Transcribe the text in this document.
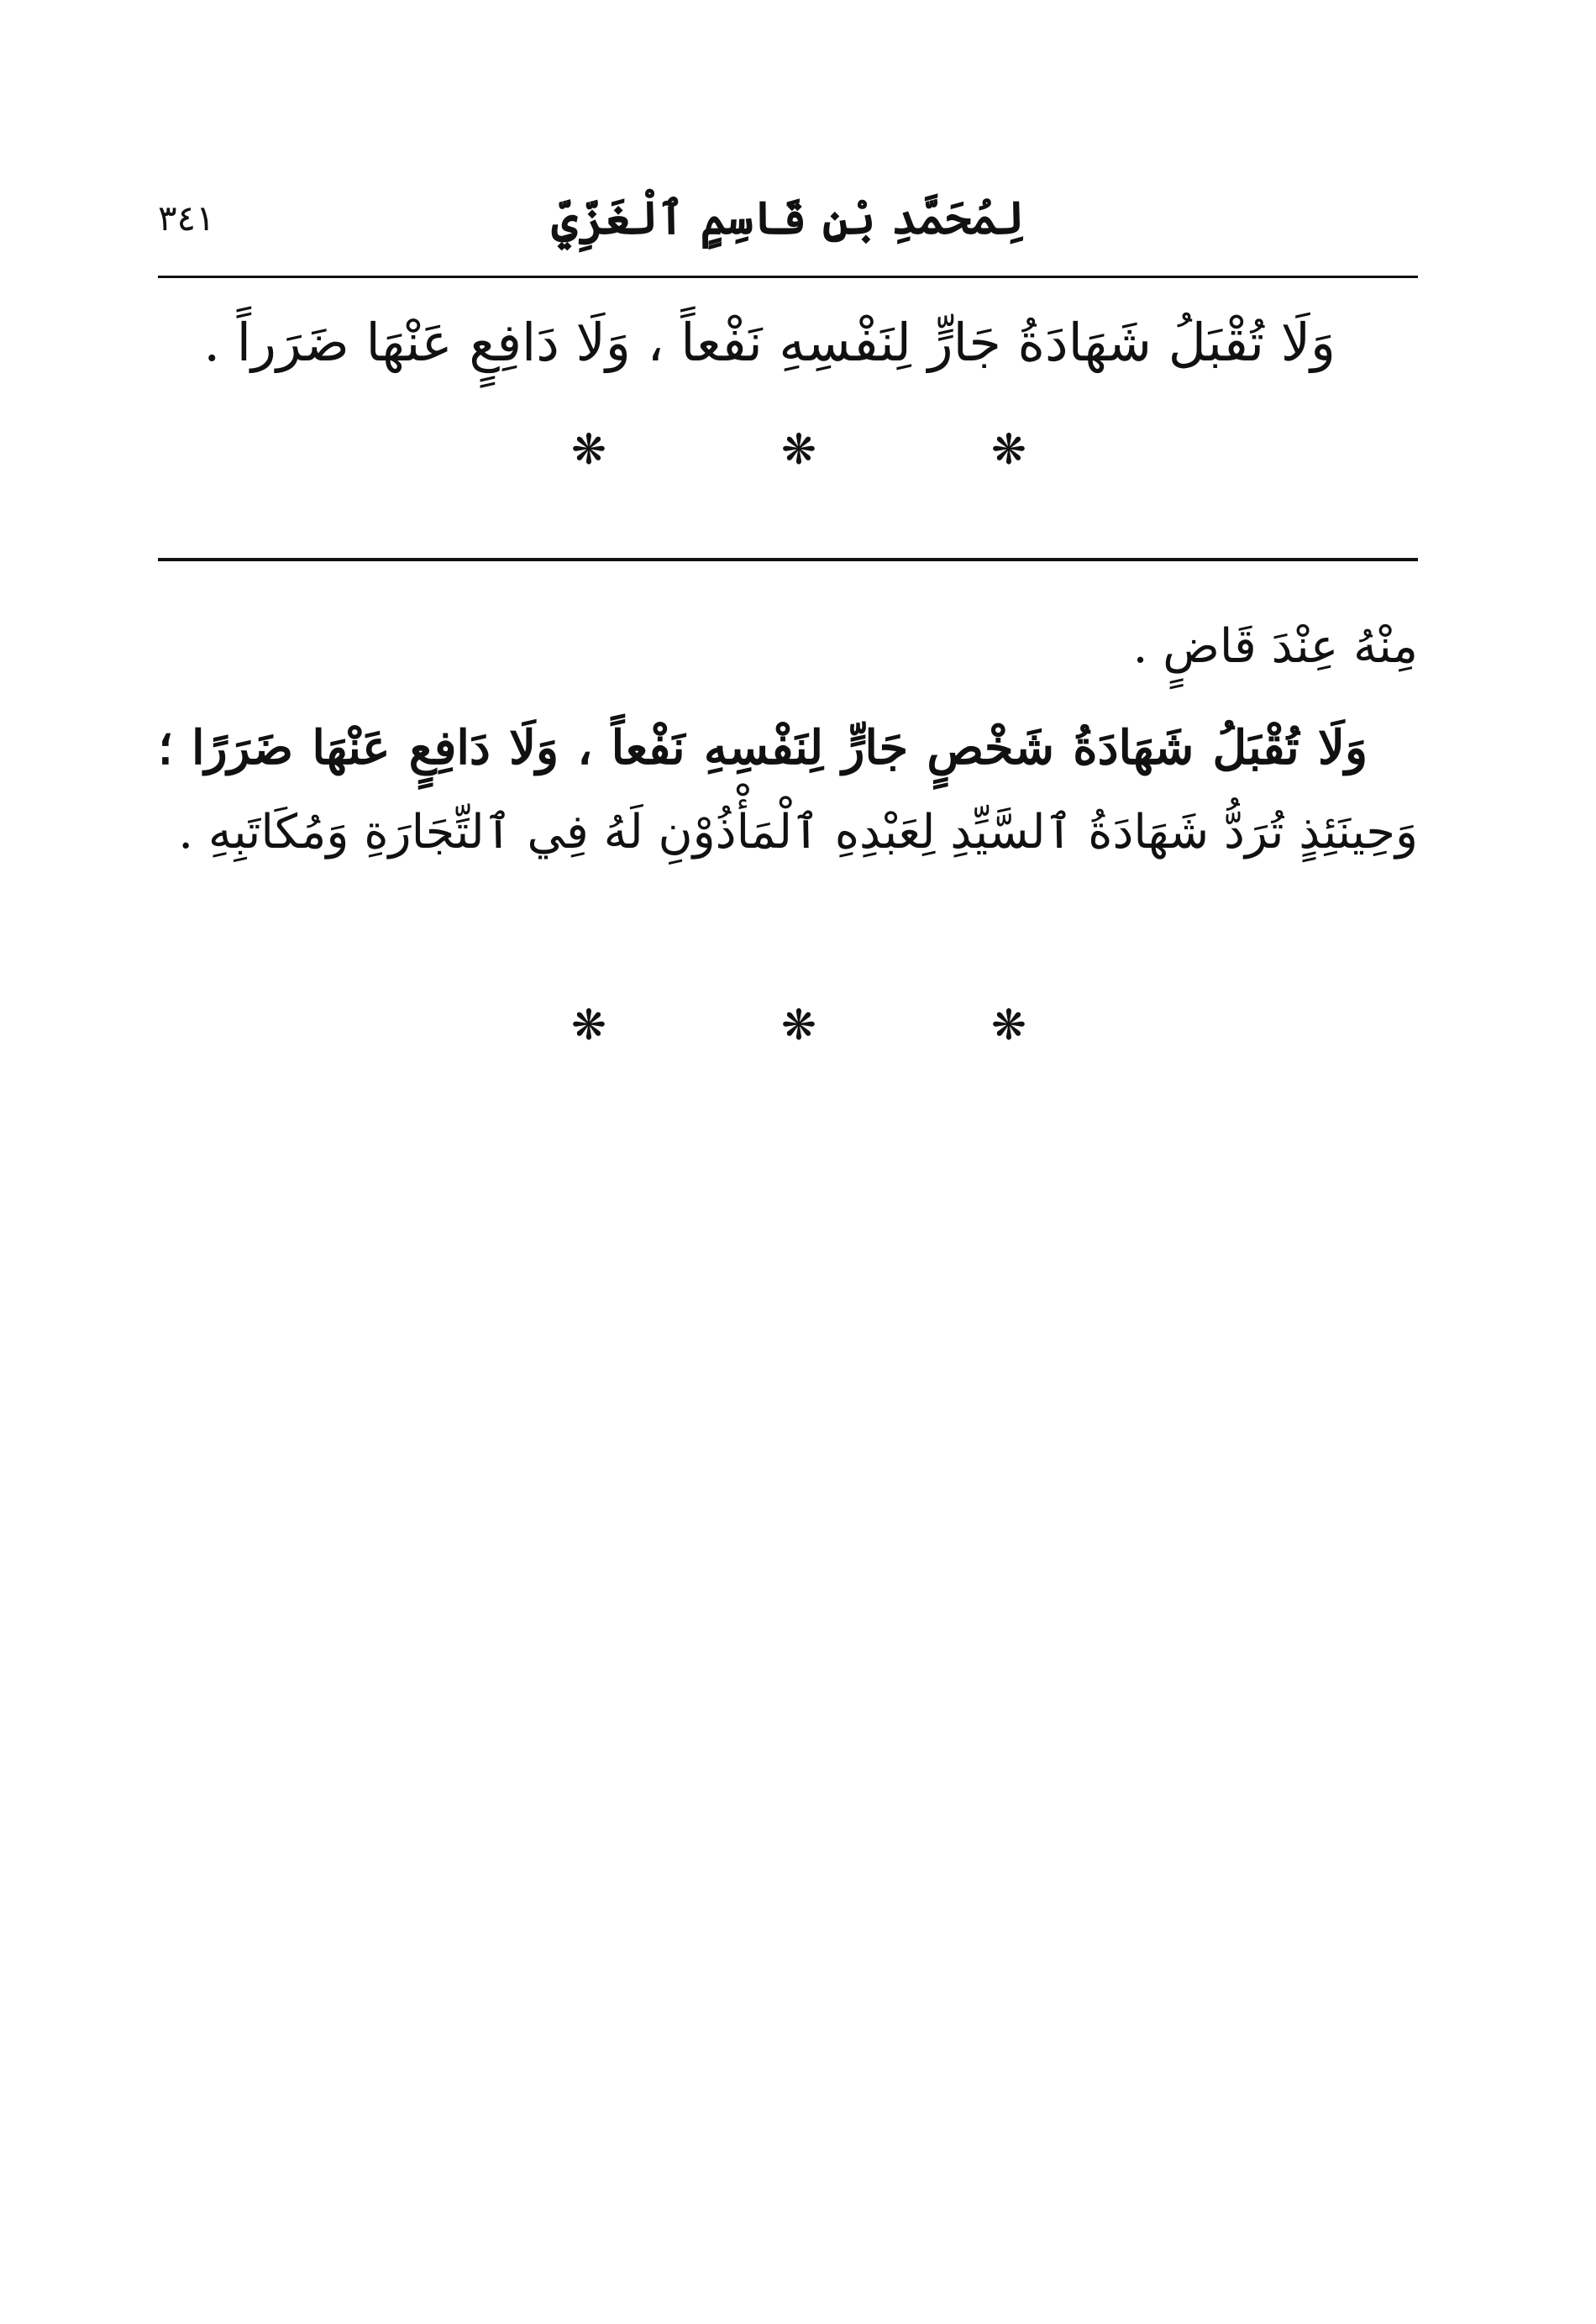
٣٤١	لِمُحَمَّدِ بْنِ قَاسِمٍ ٱلْغَزِّيِّ
وَلَا تُقْبَلُ شَهَادَةُ جَارٍّ لِنَفْسِهِ نَفْعاً ، وَلَا دَافِعٍ عَنْهَا ضَرَراً .
❋	❋	❋

مِنْهُ عِنْدَ قَاضٍ .

وَلَا تُقْبَلُ شَهَادَةُ شَخْصٍ جَارٍّ لِنَفْسِهِ نَفْعاً ، وَلَا دَافِعٍ عَنْهَا ضَرَرًا ؛ وَحِينَئِذٍ تُرَدُّ شَهَادَةُ ٱلسَّيِّدِ لِعَبْدِهِ ٱلْمَأْذُوْنِ لَهُ فِي ٱلتِّجَارَةِ وَمُكَاتَبِهِ .

❋	❋	❋
